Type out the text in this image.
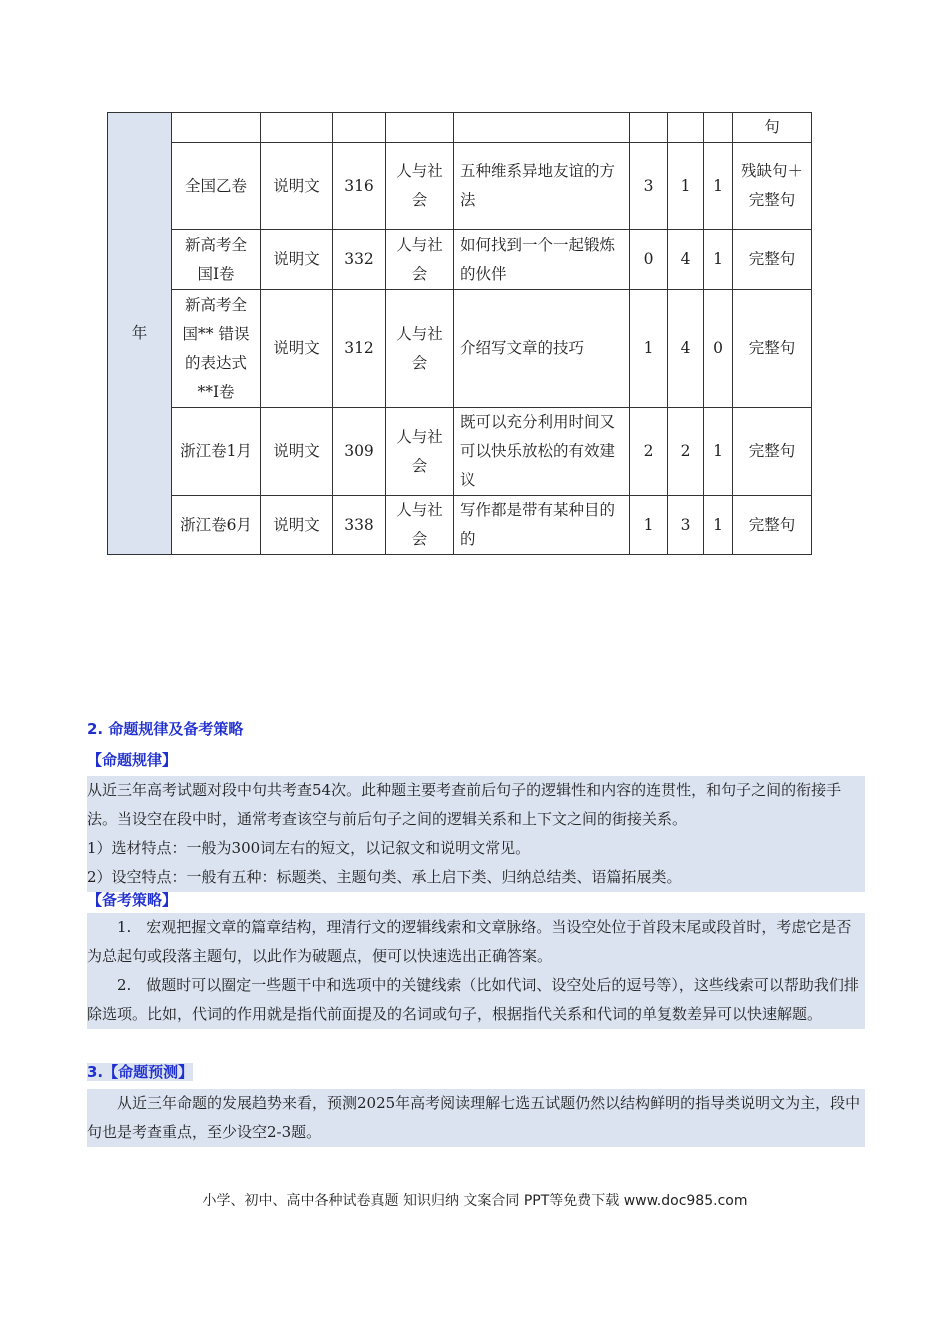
年									句
	全国乙卷	说明文	316	人与社会	五种维系异地友谊的方法	3	1	1	残缺句＋完整句
	新高考全国I卷	说明文	332	人与社会	如何找到一个一起锻炼的伙伴	0	4	1	完整句
	新高考全国** 错误的表达式**I卷	说明文	312	人与社会	介绍写文章的技巧	1	4	0	完整句
	浙江卷1月	说明文	309	人与社会	既可以充分利用时间又可以快乐放松的有效建议	2	2	1	完整句
	浙江卷6月	说明文	338	人与社会	写作都是带有某种目的的	1	3	1	完整句
2. 命题规律及备考策略
【命题规律】

从近三年高考试题对段中句共考查54次。此种题主要考查前后句子的逻辑性和内容的连贯性，和句子之间的衔接手法。当设空在段中时，通常考查该空与前后句子之间的逻辑关系和上下文之间的街接关系。

1）选材特点：一般为300词左右的短文，以记叙文和说明文常见。

2）设空特点：一般有五种：标题类、主题句类、承上启下类、归纳总结类、语篇拓展类。

【备考策略】

1.　宏观把握文章的篇章结构，理清行文的逻辑线索和文章脉络。当设空处位于首段末尾或段首时，考虑它是否为总起句或段落主题句，以此作为破题点，便可以快速选出正确答案。

2.　做题时可以圈定一些题干中和选项中的关键线索（比如代词、设空处后的逗号等），这些线索可以帮助我们排除选项。比如，代词的作用就是指代前面提及的名词或句子，根据指代关系和代词的单复数差异可以快速解题。

3.【命题预测】

从近三年命题的发展趋势来看，预测2025年高考阅读理解七选五试题仍然以结构鲜明的指导类说明文为主，段中句也是考查重点，至少设空2-3题。

小学、初中、高中各种试卷真题 知识归纳 文案合同 PPT等免费下载 www.doc985.com
